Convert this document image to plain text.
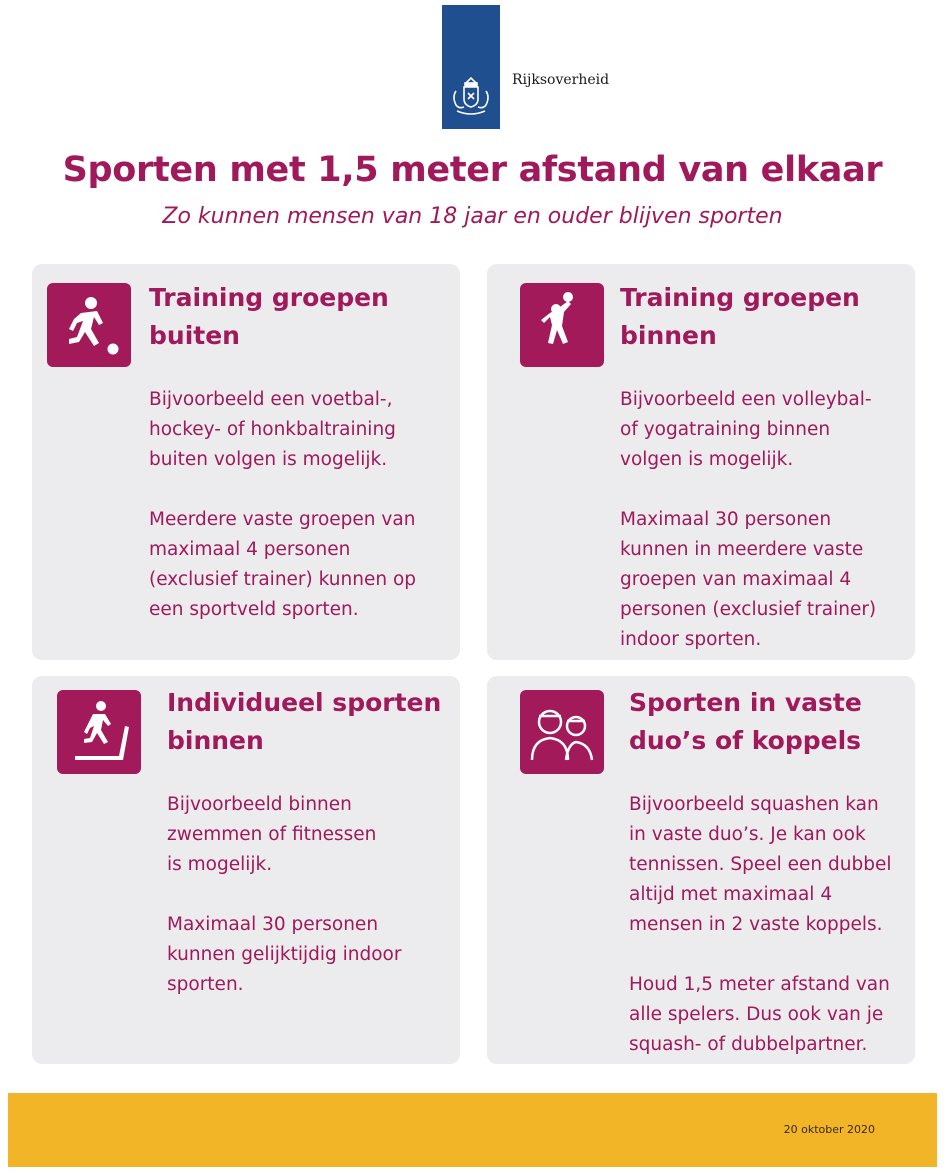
Rijksoverheid
Sporten met 1,5 meter afstand van elkaar
Zo kunnen mensen van 18 jaar en ouder blijven sporten
Training groepen
buiten
Bijvoorbeeld een voetbal-,
hockey- of honkbaltraining
buiten volgen is mogelijk.
Meerdere vaste groepen van
maximaal 4 personen
(exclusief trainer) kunnen op
een sportveld sporten.
Training groepen
binnen
Bijvoorbeeld een volleybal-
of yogatraining binnen
volgen is mogelijk.
Maximaal 30 personen
kunnen in meerdere vaste
groepen van maximaal 4
personen (exclusief trainer)
indoor sporten.
Individueel sporten
binnen
Bijvoorbeeld binnen
zwemmen of fitnessen
is mogelijk.
Maximaal 30 personen
kunnen gelijktijdig indoor
sporten.
Sporten in vaste
duo’s of koppels
Bijvoorbeeld squashen kan
in vaste duo’s. Je kan ook
tennissen. Speel een dubbel
altijd met maximaal 4
mensen in 2 vaste koppels.
Houd 1,5 meter afstand van
alle spelers. Dus ook van je
squash- of dubbelpartner.
20 oktober 2020
